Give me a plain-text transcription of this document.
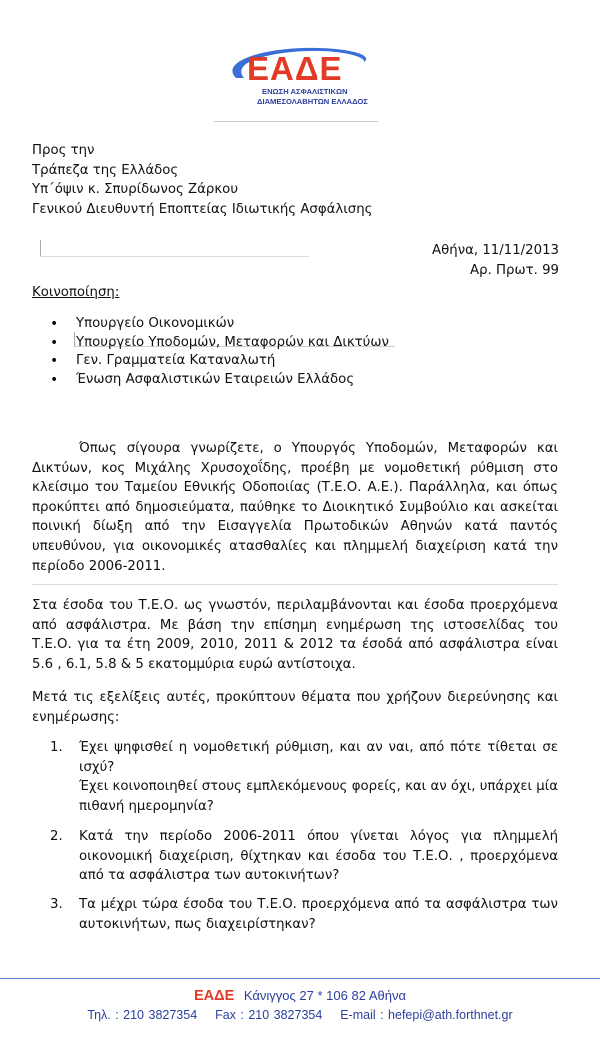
ΕΑΔΕ
ΕΝΩΣΗ ΑΣΦΑΛΙΣΤΙΚΩΝ
ΔΙΑΜΕΣΟΛΑΒΗΤΩΝ ΕΛΛΑΔΟΣ
Προς την
Τράπεζα της Ελλάδος
Υπ΄όψιν κ. Σπυρίδωνος Ζάρκου
Γενικού Διευθυντή Εποπτείας Ιδιωτικής Ασφάλισης
Αθήνα, 11/11/2013
Αρ. Πρωτ. 99
Κοινοποίηση:
• Υπουργείο Οικονομικών
• Υπουργείο Υποδομών, Μεταφορών και Δικτύων
• Γεν. Γραμματεία Καταναλωτή
• Ένωση Ασφαλιστικών Εταιρειών Ελλάδος
Όπως σίγουρα γνωρίζετε, ο Υπουργός Υποδομών, Μεταφορών και Δικτύων, κος Μιχάλης Χρυσοχοΐδης, προέβη με νομοθετική ρύθμιση στο κλείσιμο του Ταμείου Εθνικής Οδοποιίας (Τ.Ε.Ο. Α.Ε.). Παράλληλα, και όπως προκύπτει από δημοσιεύματα, παύθηκε το Διοικητικό Συμβούλιο και ασκείται ποινική δίωξη από την Εισαγγελία Πρωτοδικών Αθηνών κατά παντός υπευθύνου, για οικονομικές ατασθαλίες και πλημμελή διαχείριση κατά την περίοδο 2006-2011.
Στα έσοδα του Τ.Ε.Ο. ως γνωστόν, περιλαμβάνονται και έσοδα προερχόμενα από ασφάλιστρα. Με βάση την επίσημη ενημέρωση της ιστοσελίδας του Τ.Ε.Ο. για τα έτη 2009, 2010, 2011 & 2012 τα έσοδά από ασφάλιστρα είναι 5.6 , 6.1, 5.8 & 5 εκατομμύρια ευρώ αντίστοιχα.
Μετά τις εξελίξεις αυτές, προκύπτουν θέματα που χρήζουν διερεύνησης και ενημέρωσης:
1. Έχει ψηφισθεί η νομοθετική ρύθμιση, και αν ναι, από πότε τίθεται σε ισχύ?
Έχει κοινοποιηθεί στους εμπλεκόμενους φορείς, και αν όχι, υπάρχει μία πιθανή ημερομηνία?
2. Κατά την περίοδο 2006-2011 όπου γίνεται λόγος για πλημμελή οικονομική διαχείριση, θίχτηκαν και έσοδα του Τ.Ε.Ο. , προερχόμενα από τα ασφάλιστρα των αυτοκινήτων?
3. Τα μέχρι τώρα έσοδα του Τ.Ε.Ο. προερχόμενα από τα ασφάλιστρα των αυτοκινήτων, πως διαχειρίστηκαν?
ΕΑΔΕ Κάνιγγος 27 * 106 82 Αθήνα
Τηλ. : 210 3827354 Fax : 210 3827354 E-mail : hefepi@ath.forthnet.gr
